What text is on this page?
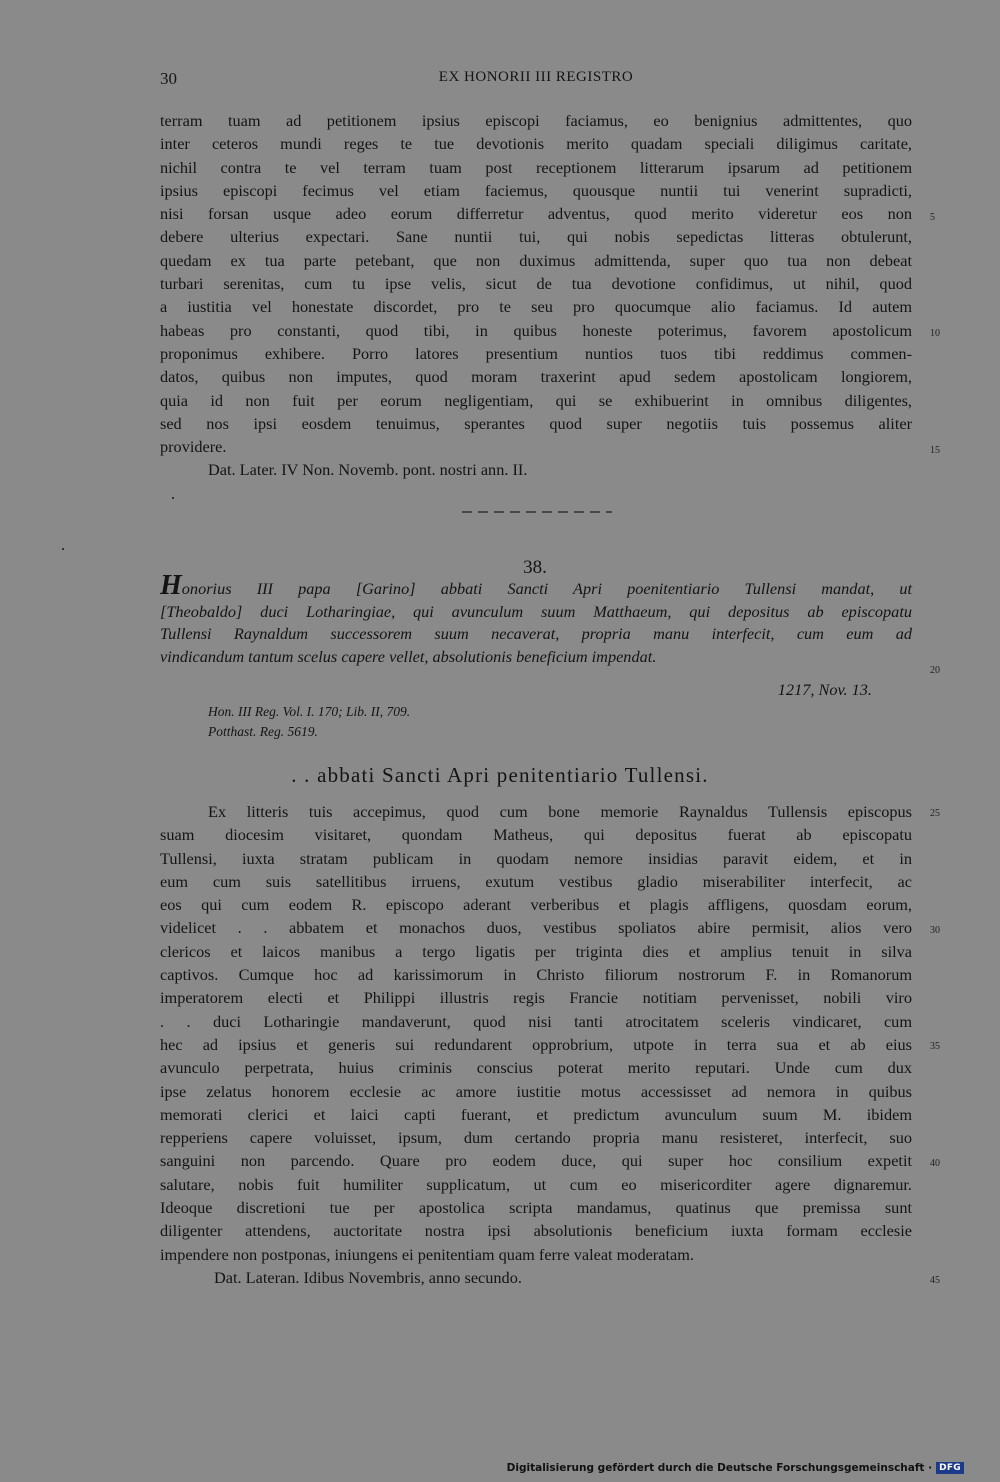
30	EX HONORII III REGISTRO
terram tuam ad petitionem ipsius episcopi faciamus, eo benignius admittentes, quo
inter ceteros mundi reges te tue devotionis merito quadam speciali diligimus caritate,
nichil contra te vel terram tuam post receptionem litterarum ipsarum ad petitionem
ipsius episcopi fecimus vel etiam faciemus, quousque nuntii tui venerint supradicti,
nisi forsan usque adeo eorum differretur adventus, quod merito videretur eos non
debere ulterius expectari. Sane nuntii tui, qui nobis sepedictas litteras obtulerunt,
quedam ex tua parte petebant, que non duximus admittenda, super quo tua non debeat
turbari serenitas, cum tu ipse velis, sicut de tua devotione confidimus, ut nihil, quod
a iustitia vel honestate discordet, pro te seu pro quocumque alio faciamus. Id autem
habeas pro constanti, quod tibi, in quibus honeste poterimus, favorem apostolicum
proponimus exhibere. Porro latores presentium nuntios tuos tibi reddimus commen-
datos, quibus non imputes, quod moram traxerint apud sedem apostolicam longiorem,
quia id non fuit per eorum negligentiam, qui se exhibuerint in omnibus diligentes,
sed nos ipsi eosdem tenuimus, sperantes quod super negotiis tuis possemus aliter
providere.
Dat. Later. IV Non. Novemb. pont. nostri ann. II.
38.
Honorius III papa [Garino] abbati Sancti Apri poenitentiario Tullensi mandat, ut
[Theobaldo] duci Lotharingiae, qui avunculum suum Matthaeum, qui depositus ab episcopatu
Tullensi Raynaldum successorem suum necaverat, propria manu interfecit, cum eum ad
vindicandum tantum scelus capere vellet, absolutionis beneficium impendat.
1217, Nov. 13.
Hon. III Reg. Vol. I. 170; Lib. II, 709.
Potthast. Reg. 5619.
. . abbati Sancti Apri penitentiario Tullensi.
Ex litteris tuis accepimus, quod cum bone memorie Raynaldus Tullensis episcopus
suam diocesim visitaret, quondam Matheus, qui depositus fuerat ab episcopatu
Tullensi, iuxta stratam publicam in quodam nemore insidias paravit eidem, et in
eum cum suis satellitibus irruens, exutum vestibus gladio miserabiliter interfecit, ac
eos qui cum eodem R. episcopo aderant verberibus et plagis affligens, quosdam eorum,
videlicet . . abbatem et monachos duos, vestibus spoliatos abire permisit, alios vero
clericos et laicos manibus a tergo ligatis per triginta dies et amplius tenuit in silva
captivos. Cumque hoc ad karissimorum in Christo filiorum nostrorum F. in Romanorum
imperatorem electi et Philippi illustris regis Francie notitiam pervenisset, nobili viro
. . duci Lotharingie mandaverunt, quod nisi tanti atrocitatem sceleris vindicaret, cum
hec ad ipsius et generis sui redundarent opprobrium, utpote in terra sua et ab eius
avunculo perpetrata, huius criminis conscius poterat merito reputari. Unde cum dux
ipse zelatus honorem ecclesie ac amore iustitie motus accessisset ad nemora in quibus
memorati clerici et laici capti fuerant, et predictum avunculum suum M. ibidem
repperiens capere voluisset, ipsum, dum certando propria manu resisteret, interfecit, suo
sanguini non parcendo. Quare pro eodem duce, qui super hoc consilium expetit
salutare, nobis fuit humiliter supplicatum, ut cum eo misericorditer agere dignaremur.
Ideoque discretioni tue per apostolica scripta mandamus, quatinus que premissa sunt
diligenter attendens, auctoritate nostra ipsi absolutionis beneficium iuxta formam ecclesie
impendere non postponas, iniungens ei penitentiam quam ferre valeat moderatam.
Dat. Lateran. Idibus Novembris, anno secundo.
5
10
15
20
25
30
35
40
45
Digitalisierung gefördert durch die Deutsche Forschungsgemeinschaft · DFG
